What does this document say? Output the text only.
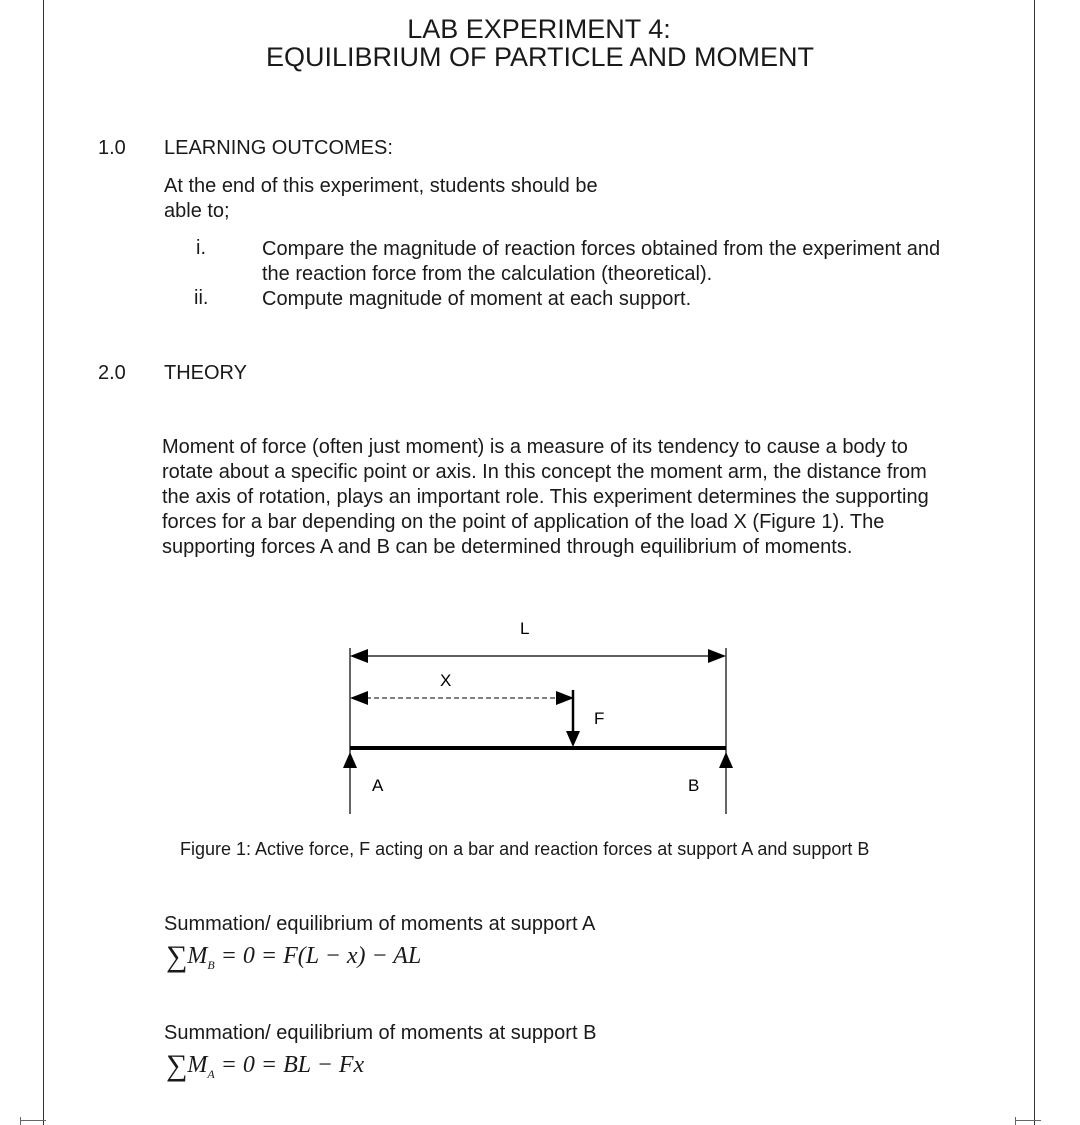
LAB EXPERIMENT 4:
EQUILIBRIUM OF PARTICLE AND MOMENT
1.0 LEARNING OUTCOMES:
At the end of this experiment, students should be
able to;
i.	Compare the magnitude of reaction forces obtained from the experiment and
the reaction force from the calculation (theoretical).
ii.	Compute magnitude of moment at each support.
2.0 THEORY
Moment of force (often just moment) is a measure of its tendency to cause a body to
rotate about a specific point or axis. In this concept the moment arm, the distance from
the axis of rotation, plays an important role. This experiment determines the supporting
forces for a bar depending on the point of application of the load X (Figure 1). The
supporting forces A and B can be determined through equilibrium of moments.
L
X
F
A	B
Figure 1: Active force, F acting on a bar and reaction forces at support A and support B
Summation/ equilibrium of moments at support A
$\sum M_B = 0 = F(L - x)$ − AL
Summation/ equilibrium of moments at support B
$\sum M_A = 0$ = BL − Fx
